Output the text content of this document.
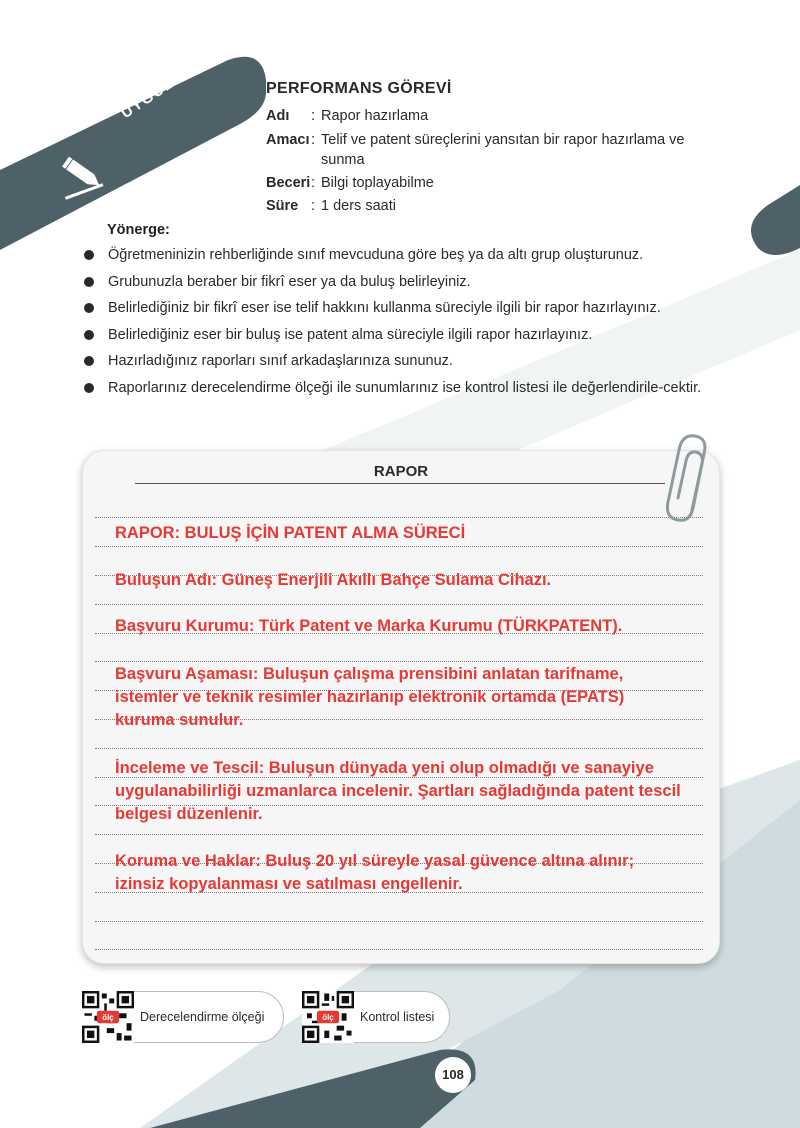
UYGULAYALIM PERFORMANS GÖREVİ
Adı	: Rapor hazırlama
Amacı : Telif ve patent süreçlerini yansıtan bir rapor hazırlama ve sunma
Beceri : Bilgi toplayabilme
Süre : 1 ders saati
Yönerge:
Öğretmeninizin rehberliğinde sınıf mevcuduna göre beş ya da altı grup oluşturunuz.
Grubunuzla beraber bir fikrî eser ya da buluş belirleyiniz.
Belirlediğiniz bir fikrî eser ise telif hakkını kullanma süreciyle ilgili bir rapor hazırlayınız.
Belirlediğiniz eser bir buluş ise patent alma süreciyle ilgili rapor hazırlayınız.
Hazırladığınız raporları sınıf arkadaşlarınıza sununuz.
Raporlarınız derecelendirme ölçeği ile sunumlarınız ise kontrol listesi ile değerlendirile-cektir.
RAPOR
RAPOR: BULUŞ İÇİN PATENT ALMA SÜRECİ
Buluşun Adı: Güneş Enerjili Akıllı Bahçe Sulama Cihazı.
Başvuru Kurumu: Türk Patent ve Marka Kurumu (TÜRKPATENT).
Başvuru Aşaması: Buluşun çalışma prensibini anlatan tarifname, istemler ve teknik resimler hazırlanıp elektronik ortamda (EPATS) kuruma sunulur.
İnceleme ve Tescil: Buluşun dünyada yeni olup olmadığı ve sanayiye uygulanabilirliği uzmanlarca incelenir. Şartları sağladığında patent tescil belgesi düzenlenir.
Koruma ve Haklar: Buluş 20 yıl süreyle yasal güvence altına alınır; izinsiz kopyalanması ve satılması engellenir.
ölç Derecelendirme ölçeği	ölç Kontrol listesi
108
